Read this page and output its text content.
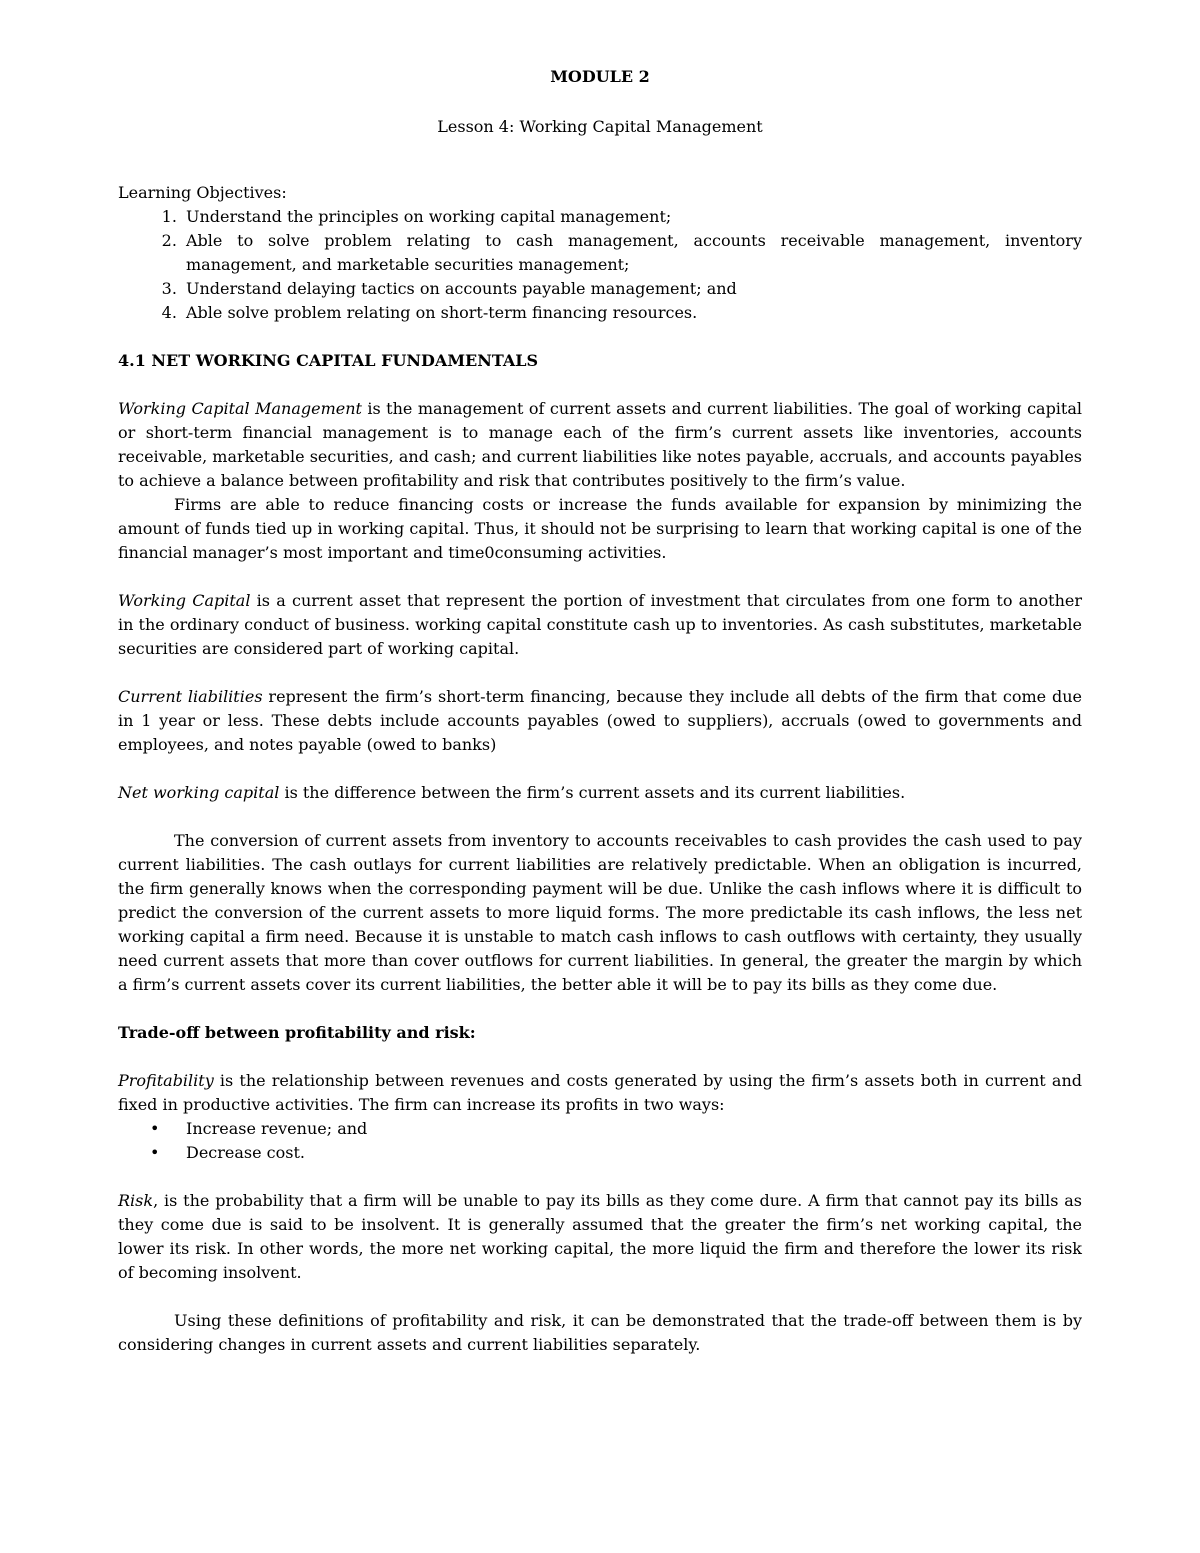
MODULE 2
Lesson 4: Working Capital Management
Learning Objectives:
1. Understand the principles on working capital management;
2. Able to solve problem relating to cash management, accounts receivable management, inventory management, and marketable securities management;
3. Understand delaying tactics on accounts payable management; and
4. Able solve problem relating on short-term financing resources.
4.1 NET WORKING CAPITAL FUNDAMENTALS

Working Capital Management is the management of current assets and current liabilities. The goal of working capital or short-term financial management is to manage each of the firm’s current assets like inventories, accounts receivable, marketable securities, and cash; and current liabilities like notes payable, accruals, and accounts payables to achieve a balance between profitability and risk that contributes positively to the firm’s value.

Firms are able to reduce financing costs or increase the funds available for expansion by minimizing the amount of funds tied up in working capital. Thus, it should not be surprising to learn that working capital is one of the financial manager’s most important and time0consuming activities.

Working Capital is a current asset that represent the portion of investment that circulates from one form to another in the ordinary conduct of business. working capital constitute cash up to inventories. As cash substitutes, marketable securities are considered part of working capital.

Current liabilities represent the firm’s short-term financing, because they include all debts of the firm that come due in 1 year or less. These debts include accounts payables (owed to suppliers), accruals (owed to governments and employees, and notes payable (owed to banks)

Net working capital is the difference between the firm’s current assets and its current liabilities.

The conversion of current assets from inventory to accounts receivables to cash provides the cash used to pay current liabilities. The cash outlays for current liabilities are relatively predictable. When an obligation is incurred, the firm generally knows when the corresponding payment will be due. Unlike the cash inflows where it is difficult to predict the conversion of the current assets to more liquid forms. The more predictable its cash inflows, the less net working capital a firm need. Because it is unstable to match cash inflows to cash outflows with certainty, they usually need current assets that more than cover outflows for current liabilities. In general, the greater the margin by which a firm’s current assets cover its current liabilities, the better able it will be to pay its bills as they come due.

Trade-off between profitability and risk:

Profitability is the relationship between revenues and costs generated by using the firm’s assets both in current and fixed in productive activities. The firm can increase its profits in two ways:

• Increase revenue; and
• Decrease cost.

Risk, is the probability that a firm will be unable to pay its bills as they come dure. A firm that cannot pay its bills as they come due is said to be insolvent. It is generally assumed that the greater the firm’s net working capital, the lower its risk. In other words, the more net working capital, the more liquid the firm and therefore the lower its risk of becoming insolvent.

Using these definitions of profitability and risk, it can be demonstrated that the trade-off between them is by considering changes in current assets and current liabilities separately.
